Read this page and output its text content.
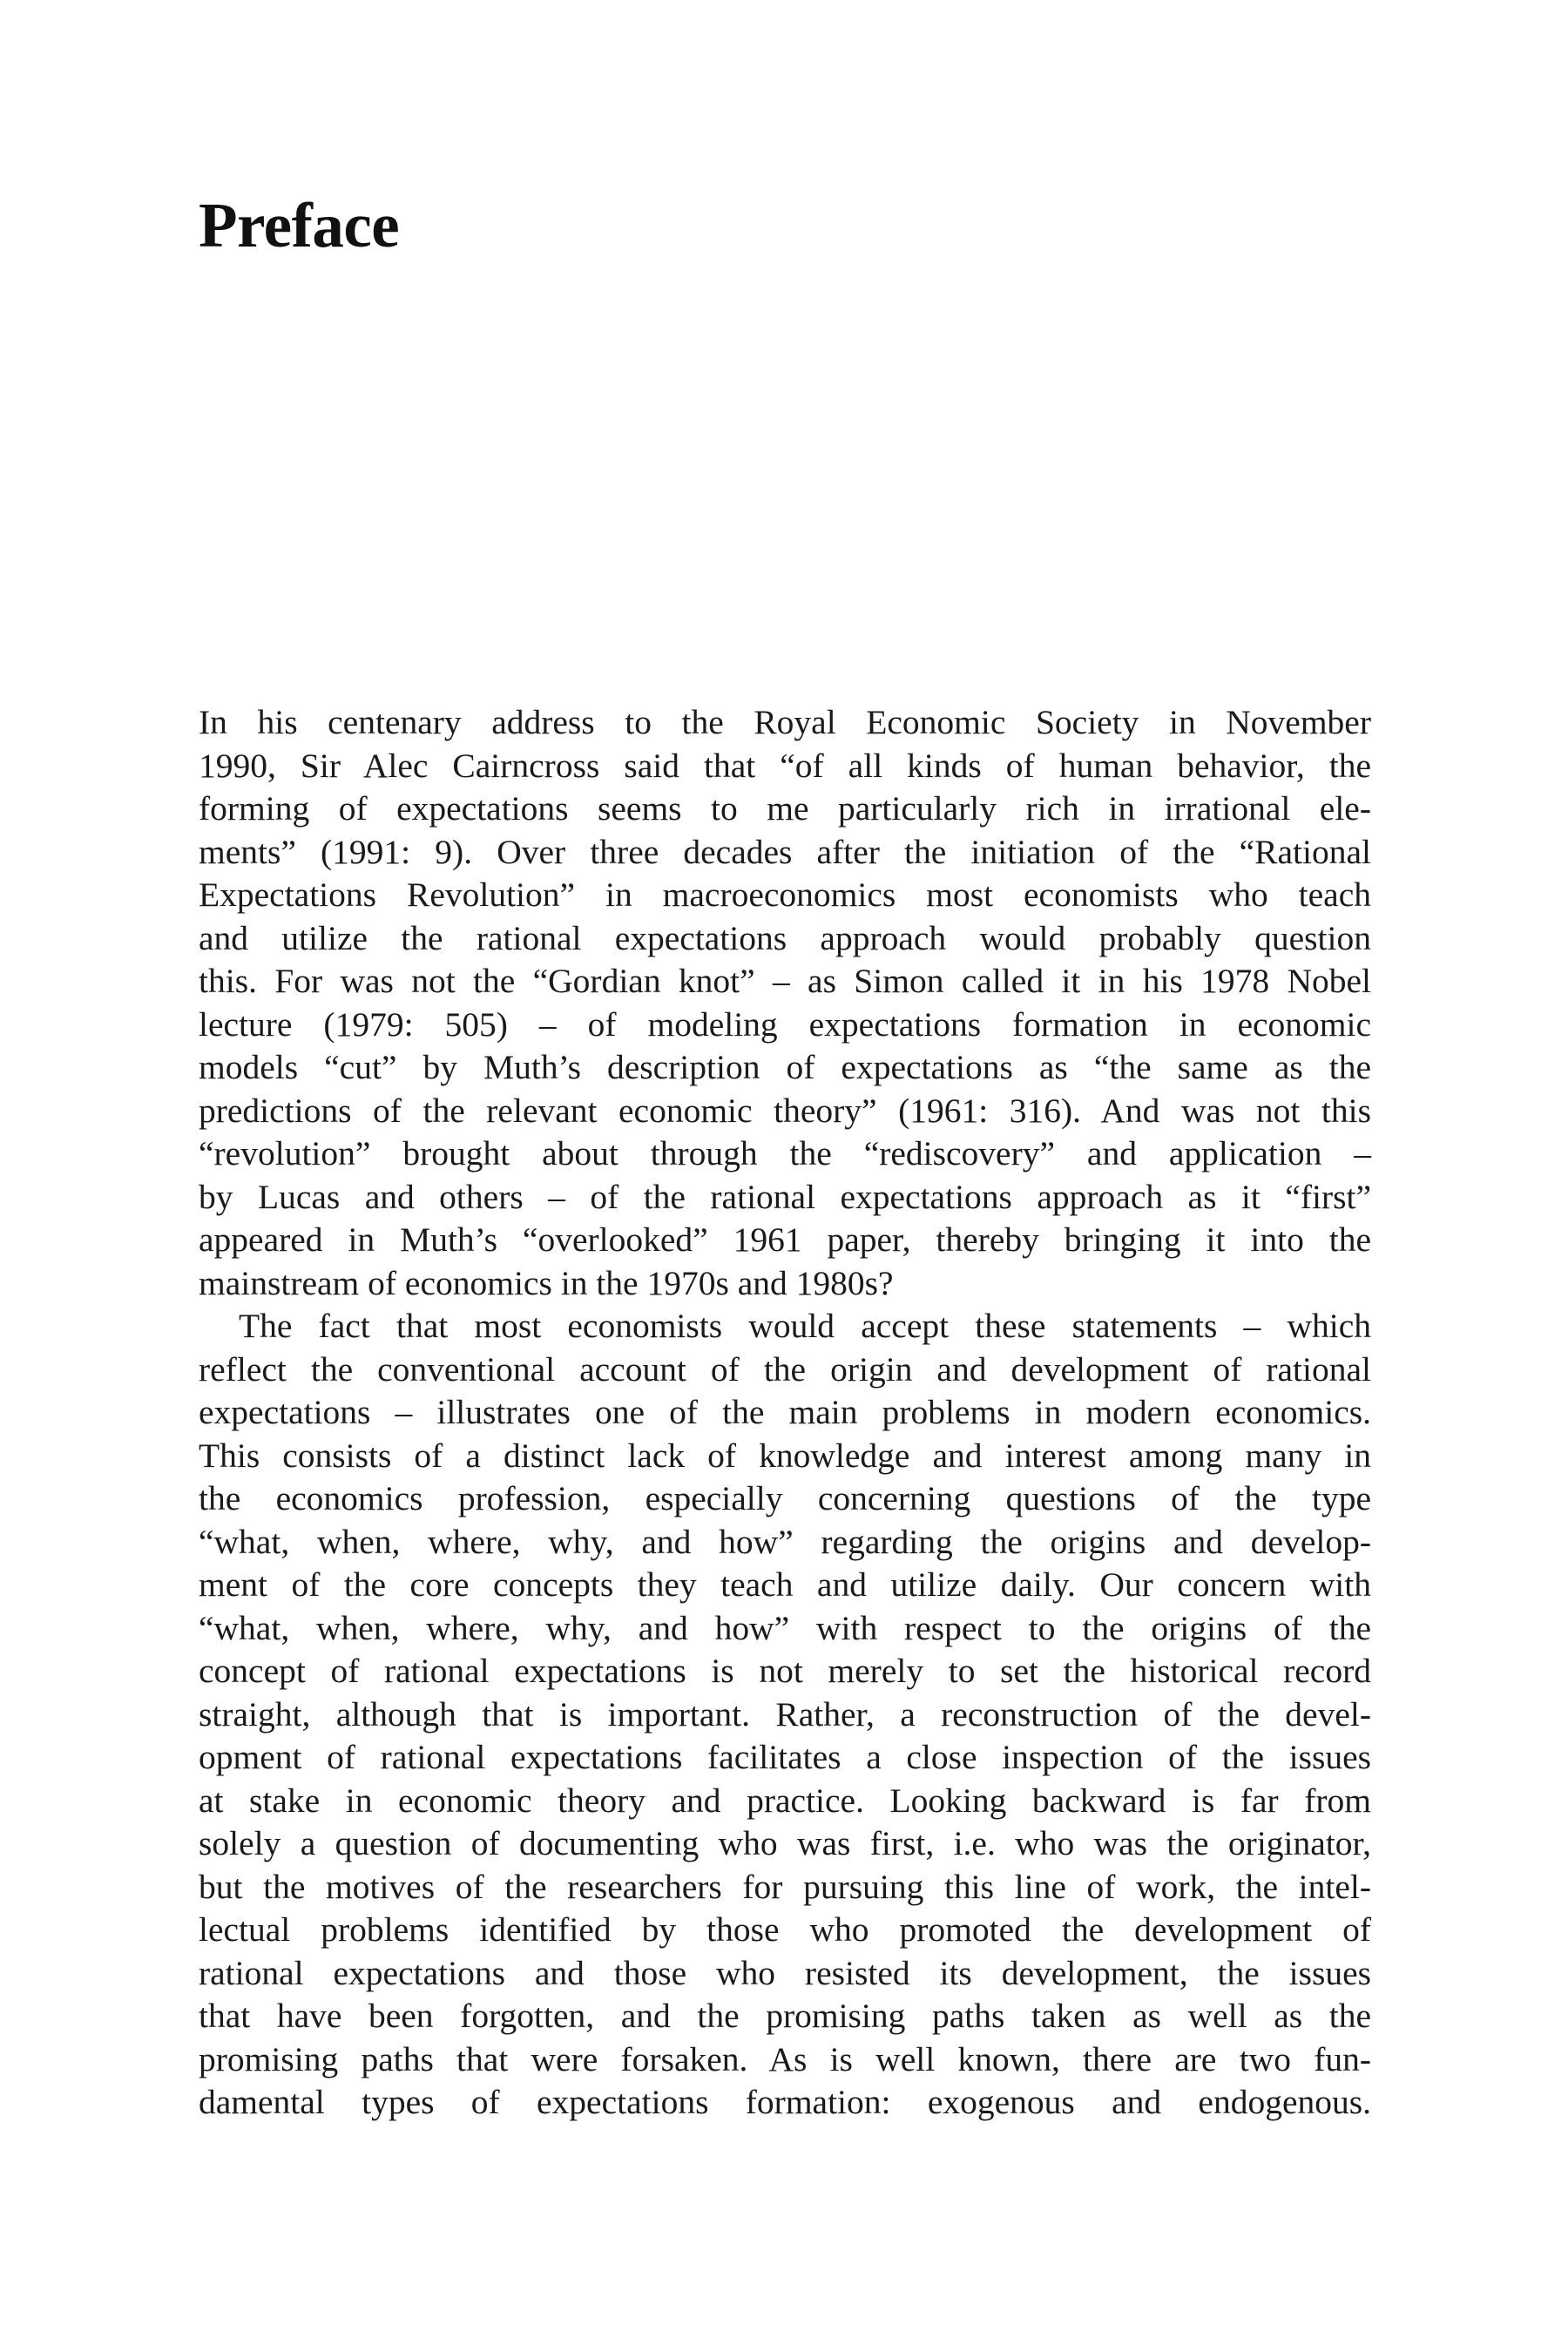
Preface

In his centenary address to the Royal Economic Society in November
1990, Sir Alec Cairncross said that “of all kinds of human behavior, the
forming of expectations seems to me particularly rich in irrational ele-
ments” (1991: 9). Over three decades after the initiation of the “Rational
Expectations Revolution” in macroeconomics most economists who teach
and utilize the rational expectations approach would probably question
this. For was not the “Gordian knot” – as Simon called it in his 1978 Nobel
lecture (1979: 505) – of modeling expectations formation in economic
models “cut” by Muth’s description of expectations as “the same as the
predictions of the relevant economic theory” (1961: 316). And was not this
“revolution” brought about through the “rediscovery” and application –
by Lucas and others – of the rational expectations approach as it “first”
appeared in Muth’s “overlooked” 1961 paper, thereby bringing it into the
mainstream of economics in the 1970s and 1980s?

The fact that most economists would accept these statements – which
reflect the conventional account of the origin and development of rational
expectations – illustrates one of the main problems in modern economics.
This consists of a distinct lack of knowledge and interest among many in
the economics profession, especially concerning questions of the type
“what, when, where, why, and how” regarding the origins and develop-
ment of the core concepts they teach and utilize daily. Our concern with
“what, when, where, why, and how” with respect to the origins of the
concept of rational expectations is not merely to set the historical record
straight, although that is important. Rather, a reconstruction of the devel-
opment of rational expectations facilitates a close inspection of the issues
at stake in economic theory and practice. Looking backward is far from
solely a question of documenting who was first, i.e. who was the originator,
but the motives of the researchers for pursuing this line of work, the intel-
lectual problems identified by those who promoted the development of
rational expectations and those who resisted its development, the issues
that have been forgotten, and the promising paths taken as well as the
promising paths that were forsaken. As is well known, there are two fun-
damental types of expectations formation: exogenous and endogenous.
